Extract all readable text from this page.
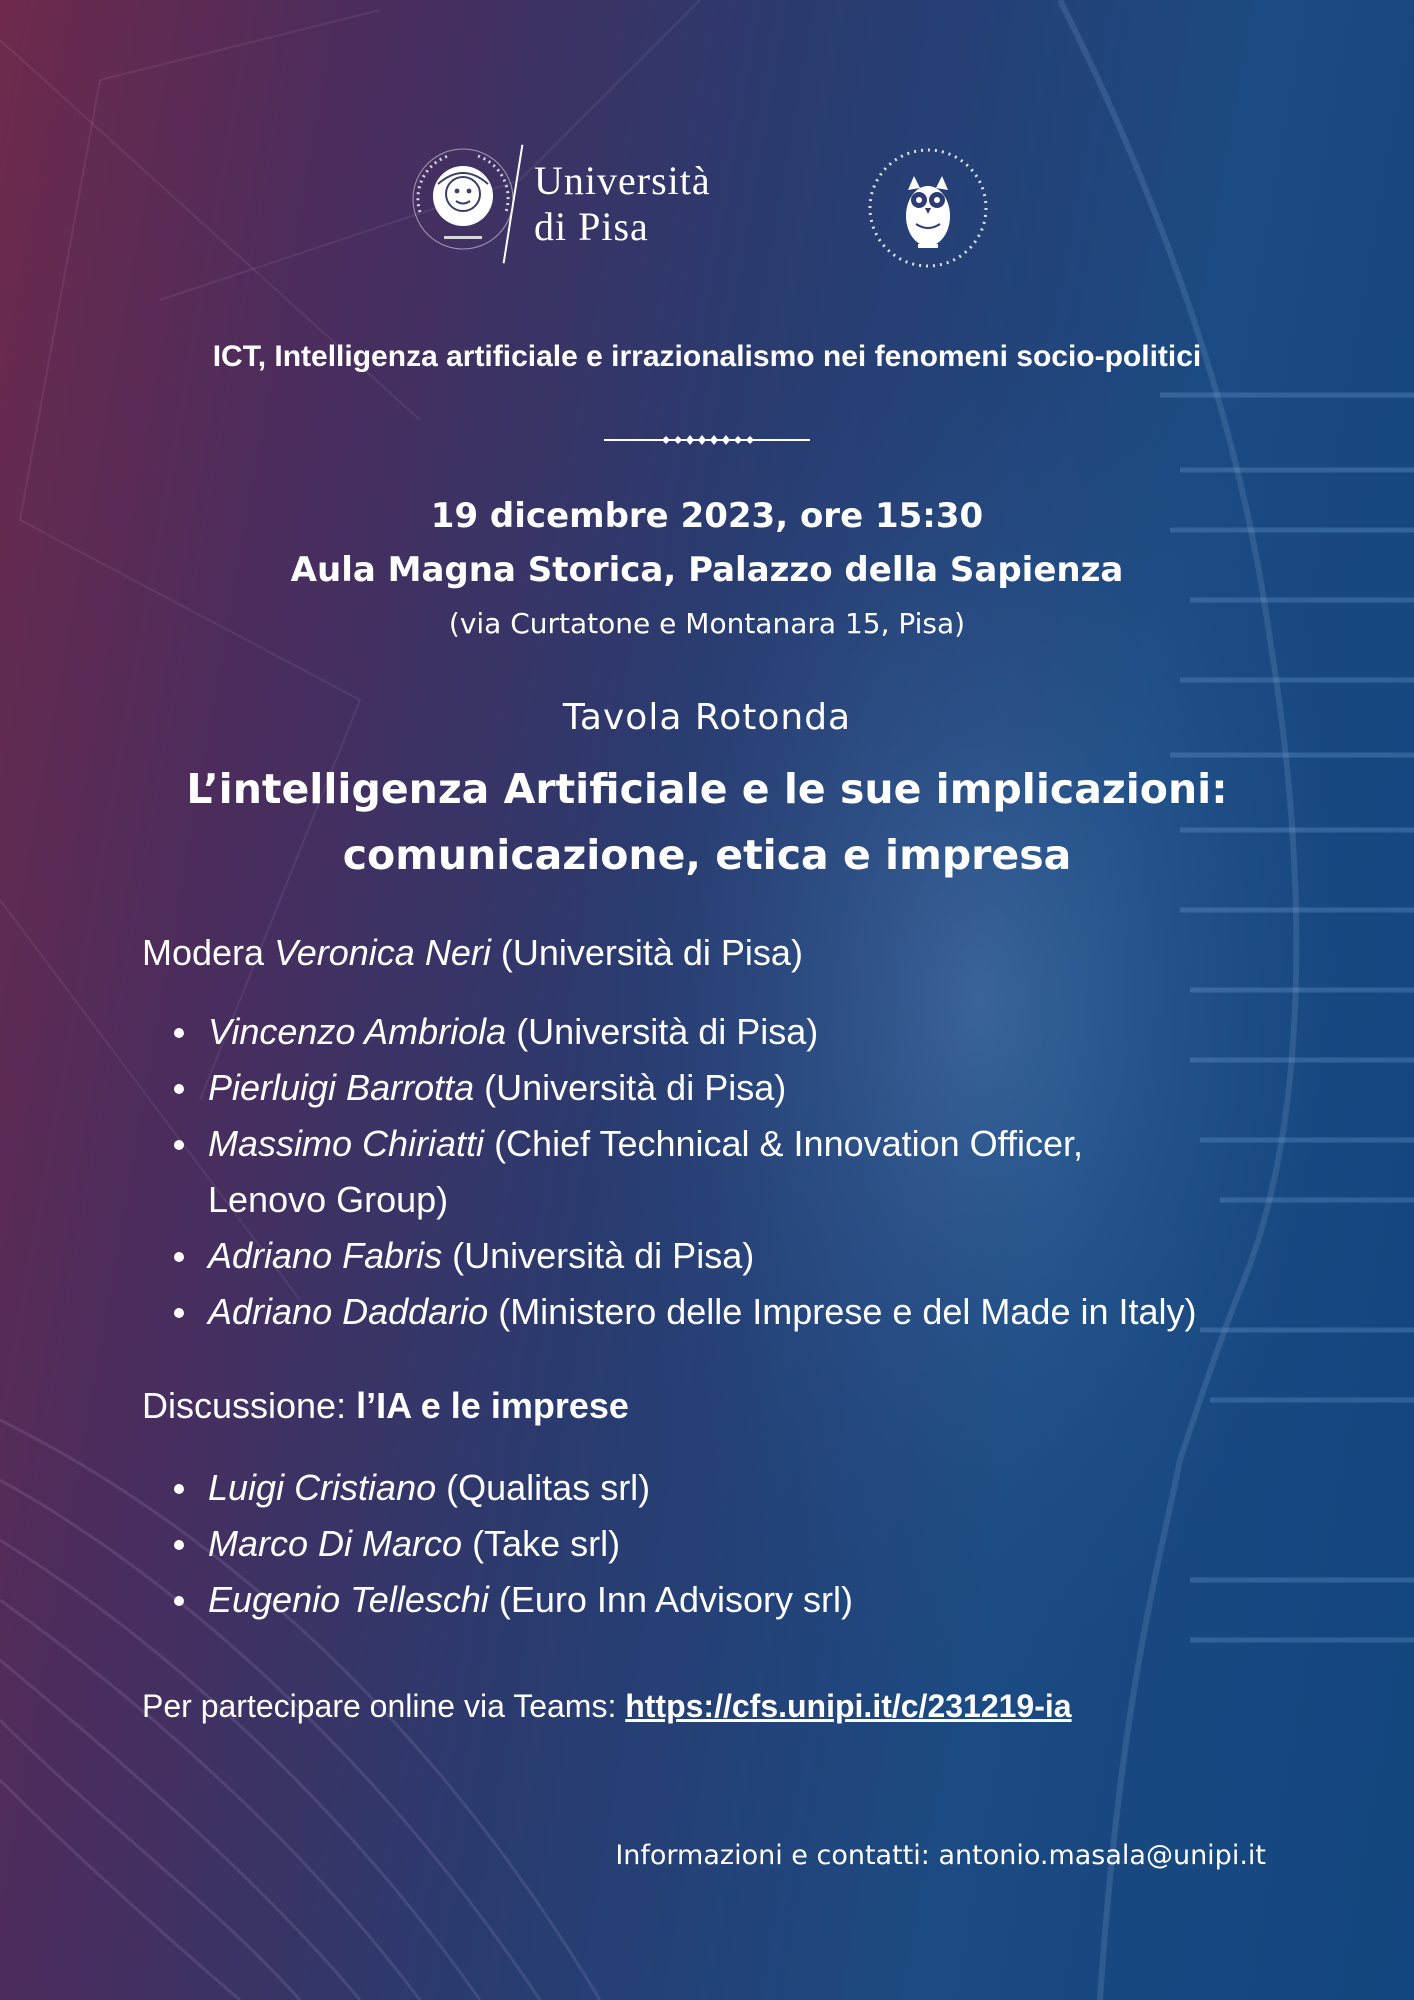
Università
di Pisa
ICT, Intelligenza artificiale e irrazionalismo nei fenomeni socio-politici
19 dicembre 2023, ore 15:30
Aula Magna Storica, Palazzo della Sapienza
(via Curtatone e Montanara 15, Pisa)
Tavola Rotonda
L’intelligenza Artificiale e le sue implicazioni:
comunicazione, etica e impresa
Modera Veronica Neri (Università di Pisa)
Vincenzo Ambriola (Università di Pisa)
Pierluigi Barrotta (Università di Pisa)
Massimo Chiriatti (Chief Technical & Innovation Officer,
Lenovo Group)
Adriano Fabris (Università di Pisa)
Adriano Daddario (Ministero delle Imprese e del Made in Italy)
Discussione: l’IA e le imprese
Luigi Cristiano (Qualitas srl)
Marco Di Marco (Take srl)
Eugenio Telleschi (Euro Inn Advisory srl)
Per partecipare online via Teams: https://cfs.unipi.it/c/231219-ia
Informazioni e contatti: antonio.masala@unipi.it
